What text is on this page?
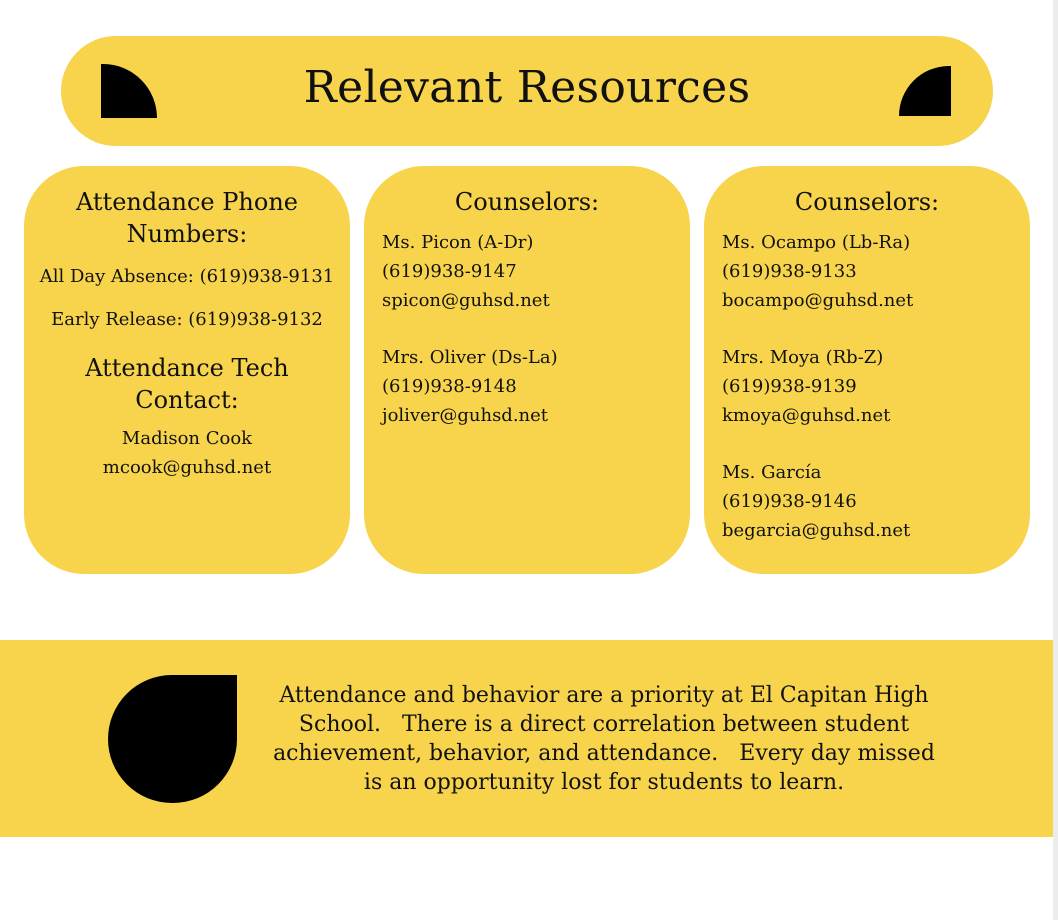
Relevant Resources
Attendance Phone
Numbers:
All Day Absence: (619)938-9131
Early Release: (619)938-9132
Attendance Tech
Contact:
Madison Cook
mcook@guhsd.net
Counselors:
Ms. Picon (A-Dr)
(619)938-9147
spicon@guhsd.net
Mrs. Oliver (Ds-La)
(619)938-9148
joliver@guhsd.net
Counselors:
Ms. Ocampo (Lb-Ra)
(619)938-9133
bocampo@guhsd.net
Mrs. Moya (Rb-Z)
(619)938-9139
kmoya@guhsd.net
Ms. García
(619)938-9146
begarcia@guhsd.net
Attendance and behavior are a priority at El Capitan High
School.   There is a direct correlation between student
achievement, behavior, and attendance.   Every day missed
is an opportunity lost for students to learn.
